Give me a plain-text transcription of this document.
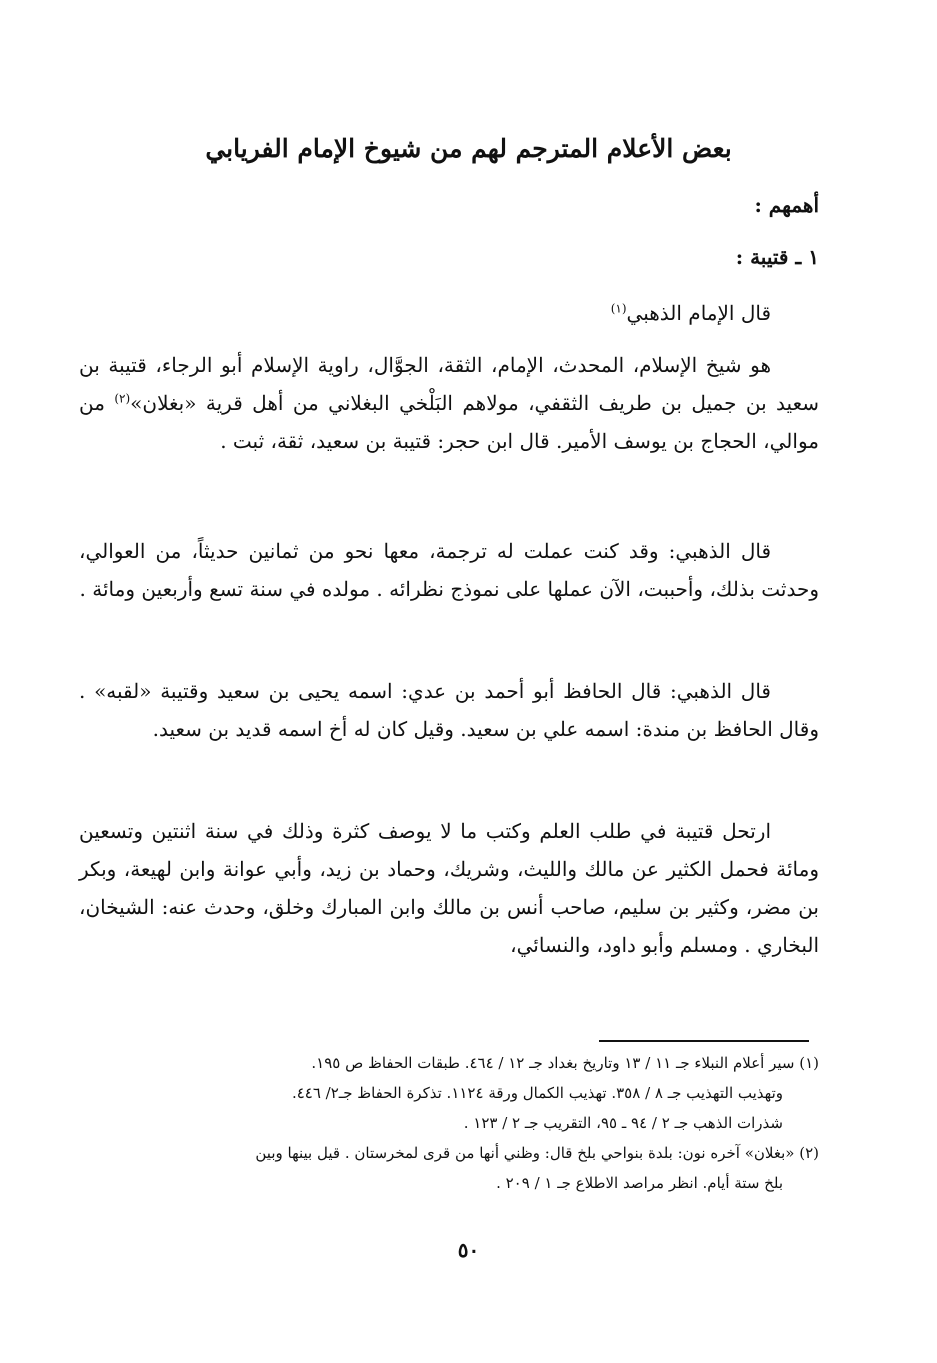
بعض الأعلام المترجم لهم من شيوخ الإمام الفريابي
أهمهم :
١ ـ قتيبة :

قال الإمام الذهبي$^{(١)}$

هو شيخ الإسلام، المحدث، الإمام، الثقة، الجوَّال، راوية الإسلام أبو الرجاء، قتيبة بن سعيد بن جميل بن طريف الثقفي، مولاهم البَلْخي البغلاني من أهل قرية «بغلان»$^{(٢)}$ من موالي، الحجاج بن يوسف الأمير. قال ابن حجر: قتيبة بن سعيد، ثقة، ثبت .

قال الذهبي: وقد كنت عملت له ترجمة، معها نحو من ثمانين حديثاً، من العوالي، وحدثت بذلك، وأحببت، الآن عملها على نموذج نظرائه . مولده في سنة تسع وأربعين ومائة .

قال الذهبي: قال الحافظ أبو أحمد بن عدي: اسمه يحيى بن سعيد وقتيبة «لقبه» . وقال الحافظ بن مندة: اسمه علي بن سعيد. وقيل كان له أخ اسمه قديد بن سعيد.

ارتحل قتيبة في طلب العلم وكتب ما لا يوصف كثرة وذلك في سنة اثنتين وتسعين ومائة فحمل الكثير عن مالك والليث، وشريك، وحماد بن زيد، وأبي عوانة وابن لهيعة، وبكر بن مضر، وكثير بن سليم، صاحب أنس بن مالك وابن المبارك وخلق، وحدث عنه: الشيخان، البخاري . ومسلم وأبو داود، والنسائي،

(١) سير أعلام النبلاء جـ ١١ / ١٣ وتاريخ بغداد جـ ١٢ / ٤٦٤. طبقات الحفاظ ص ١٩٥.
وتهذيب التهذيب جـ ٨ / ٣٥٨. تهذيب الكمال ورقة ١١٢٤. تذكرة الحفاظ جـ٢/ ٤٤٦.
شذرات الذهب جـ ٢ / ٩٤ ـ ٩٥، التقريب جـ ٢ / ١٢٣ .

(٢) «بغلان» آخره نون: بلدة بنواحي بلخ قال: وظني أنها من قرى لمخرستان . قيل بينها وبين
بلخ ستة أيام. انظر مراصد الاطلاع جـ ١ / ٢٠٩ .

٥٠
